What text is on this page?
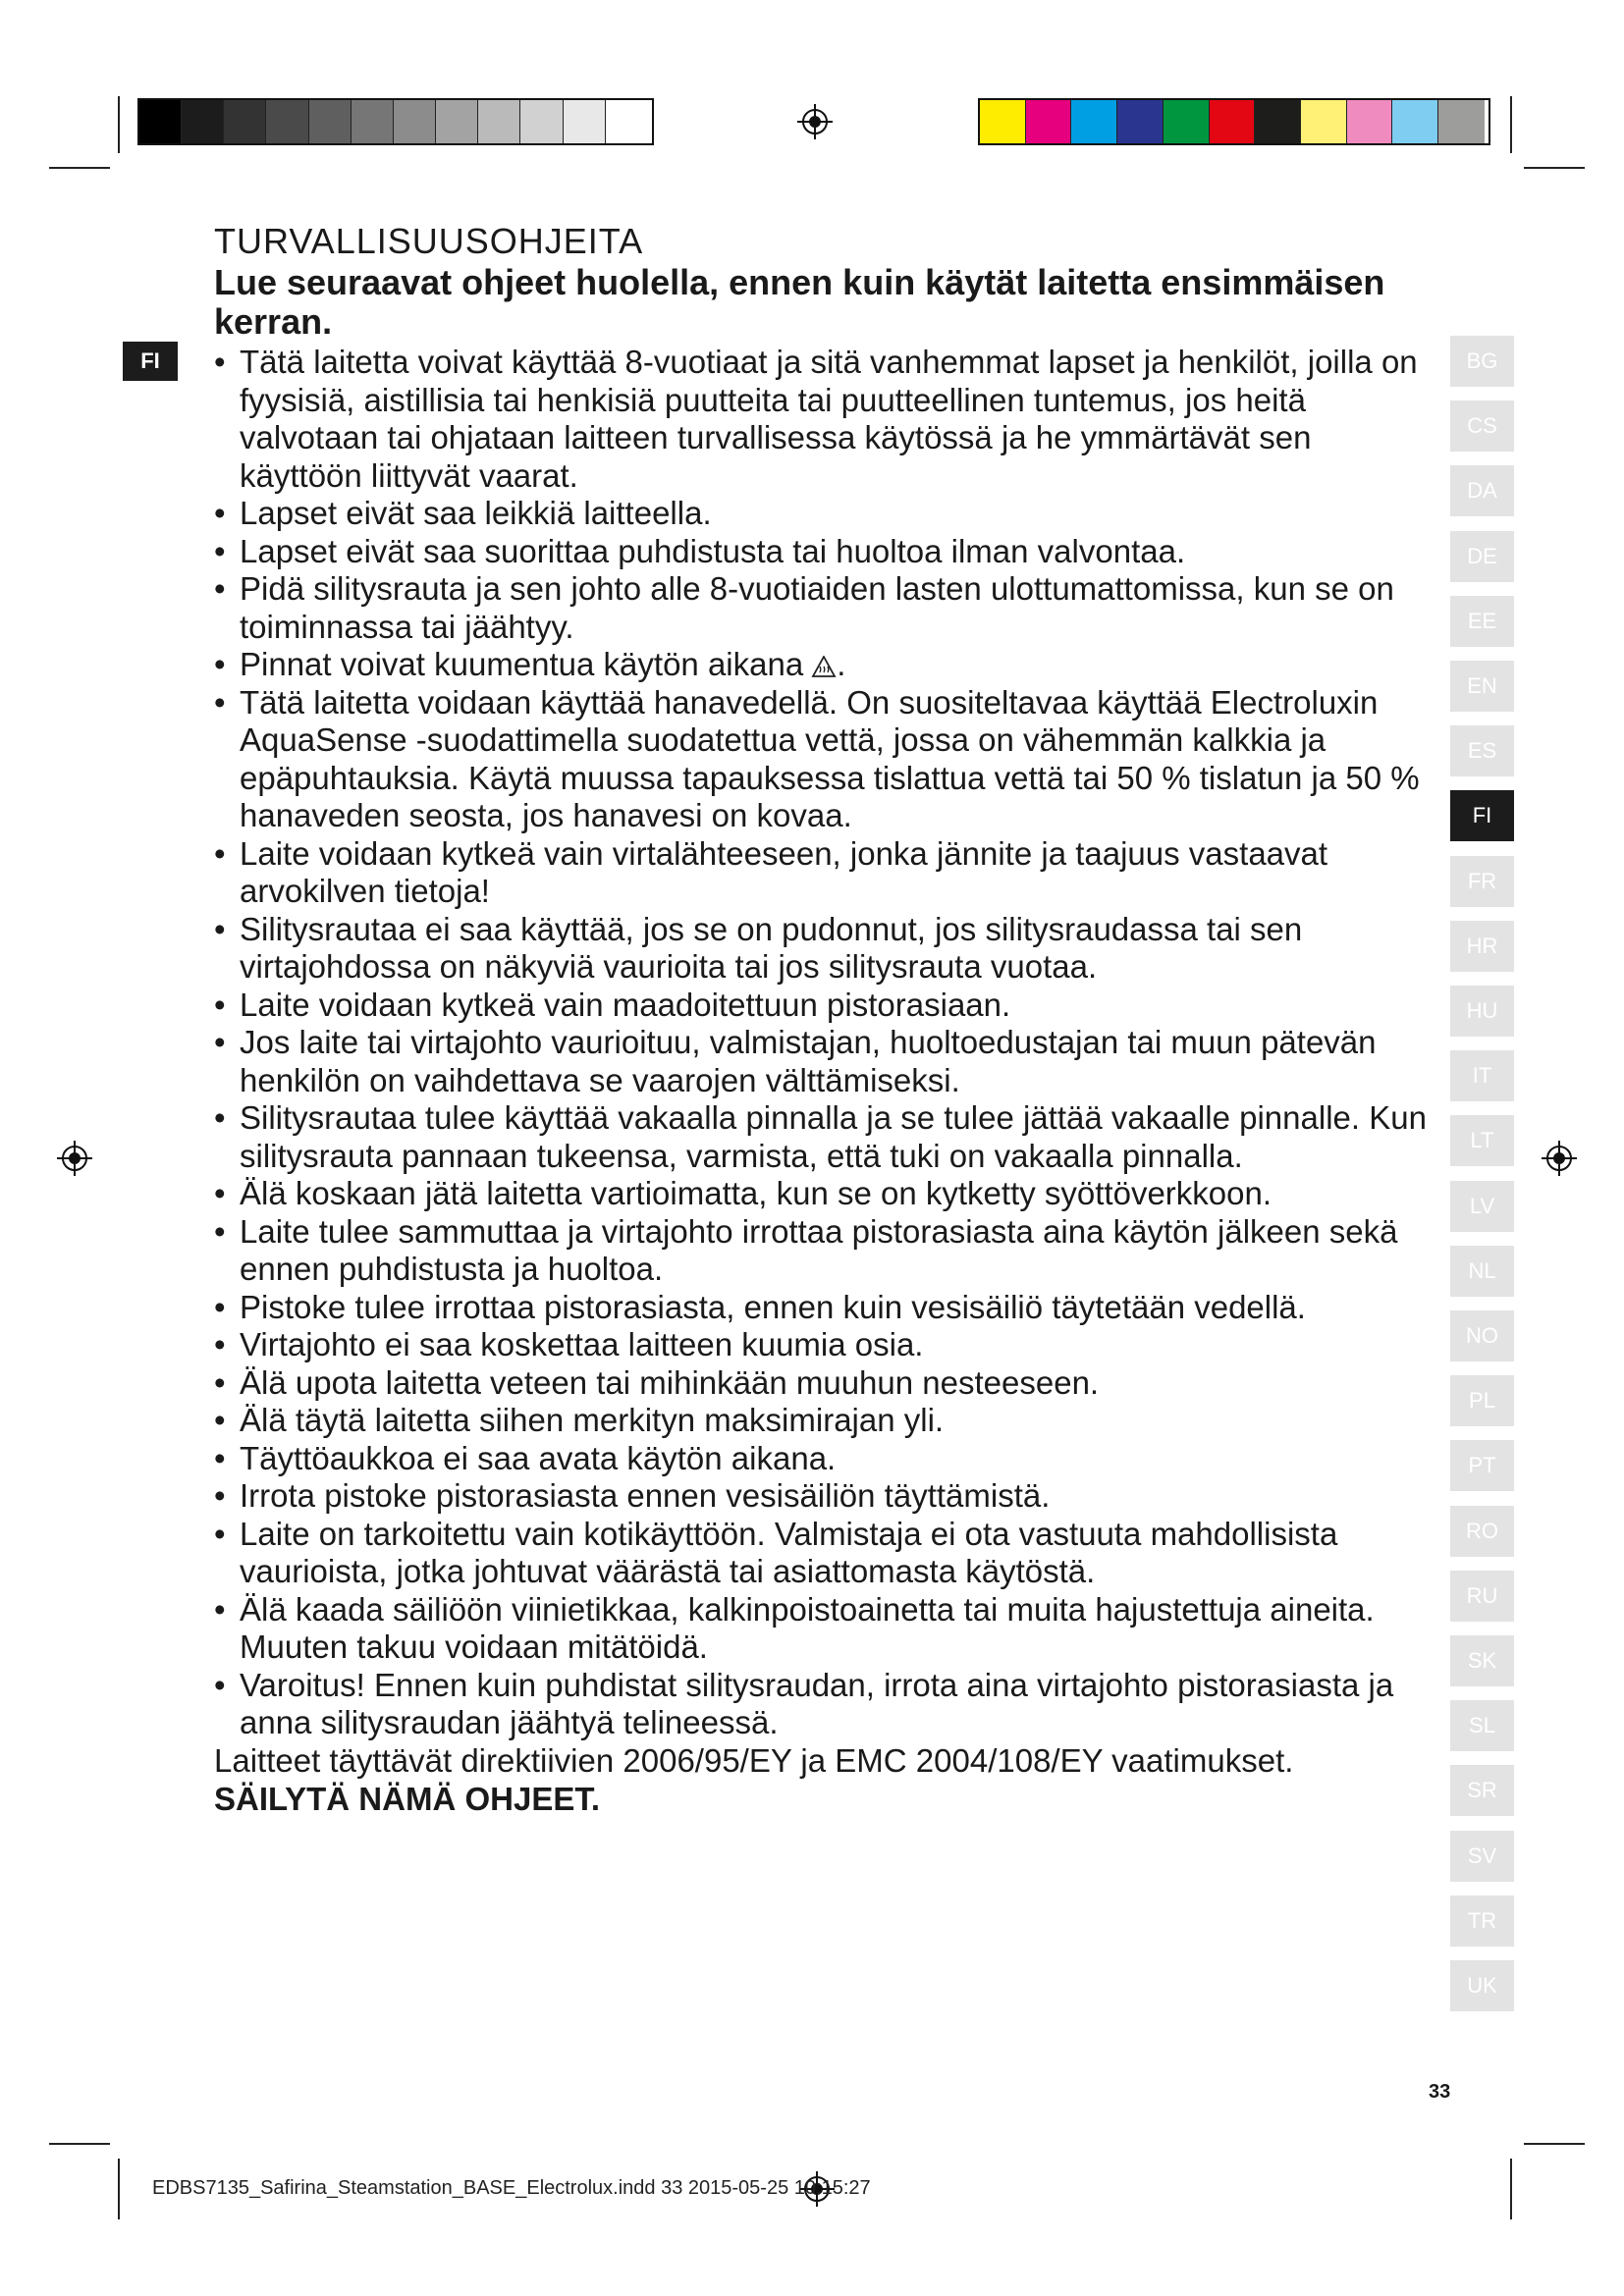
FI
TURVALLISUUSOHJEITA

Lue seuraavat ohjeet huolella, ennen kuin käytät laitetta ensimmäisen kerran.

• Tätä laitetta voivat käyttää 8-vuotiaat ja sitä vanhemmat lapset ja henkilöt, joilla on fyysisiä, aistillisia tai henkisiä puutteita tai puutteellinen tuntemus, jos heitä valvotaan tai ohjataan laitteen turvallisessa käytössä ja he ymmärtävät sen käyttöön liittyvät vaarat.
• Lapset eivät saa leikkiä laitteella.
• Lapset eivät saa suorittaa puhdistusta tai huoltoa ilman valvontaa.
• Pidä silitysrauta ja sen johto alle 8-vuotiaiden lasten ulottumattomissa, kun se on toiminnassa tai jäähtyy.
• Pinnat voivat kuumentua käytön aikana .
• Tätä laitetta voidaan käyttää hanavedellä. On suositeltavaa käyttää Electroluxin AquaSense -suodattimella suodatettua vettä, jossa on vähemmän kalkkia ja epäpuhtauksia. Käytä muussa tapauksessa tislattua vettä tai 50 % tislatun ja 50 % hanaveden seosta, jos hanavesi on kovaa.
• Laite voidaan kytkeä vain virtalähteeseen, jonka jännite ja taajuus vastaavat arvokilven tietoja!
• Silitysrautaa ei saa käyttää, jos se on pudonnut, jos silitysraudassa tai sen virtajohdossa on näkyviä vaurioita tai jos silitysrauta vuotaa.
• Laite voidaan kytkeä vain maadoitettuun pistorasiaan.
• Jos laite tai virtajohto vaurioituu, valmistajan, huoltoedustajan tai muun pätevän henkilön on vaihdettava se vaarojen välttämiseksi.
• Silitysrautaa tulee käyttää vakaalla pinnalla ja se tulee jättää vakaalle pinnalle. Kun silitysrauta pannaan tukeensa, varmista, että tuki on vakaalla pinnalla.
• Älä koskaan jätä laitetta vartioimatta, kun se on kytketty syöttöverkkoon.
• Laite tulee sammuttaa ja virtajohto irrottaa pistorasiasta aina käytön jälkeen sekä ennen puhdistusta ja huoltoa.
• Pistoke tulee irrottaa pistorasiasta, ennen kuin vesisäiliö täytetään vedellä.
• Virtajohto ei saa koskettaa laitteen kuumia osia.
• Älä upota laitetta veteen tai mihinkään muuhun nesteeseen.
• Älä täytä laitetta siihen merkityn maksimirajan yli.
• Täyttöaukkoa ei saa avata käytön aikana.
• Irrota pistoke pistorasiasta ennen vesisäiliön täyttämistä.
• Laite on tarkoitettu vain kotikäyttöön. Valmistaja ei ota vastuuta mahdollisista vaurioista, jotka johtuvat väärästä tai asiattomasta käytöstä.
• Älä kaada säiliöön viinietikkaa, kalkinpoistoainetta tai muita hajustettuja aineita. Muuten takuu voidaan mitätöidä.
• Varoitus! Ennen kuin puhdistat silitysraudan, irrota aina virtajohto pistorasiasta ja anna silitysraudan jäähtyä telineessä.

Laitteet täyttävät direktiivien 2006/95/EY ja EMC 2004/108/EY vaatimukset.

SÄILYTÄ NÄMÄ OHJEET.

BG
CS
DA
DE
EE
EN
ES
FI
FR
HR
HU
IT
LT
LV
NL
NO
PL
PT
RO
RU
SK
SL
SR
SV
TR
UK
33
EDBS7135_Safirina_Steamstation_BASE_Electrolux.indd 33 2015-05-25 10:15:27
